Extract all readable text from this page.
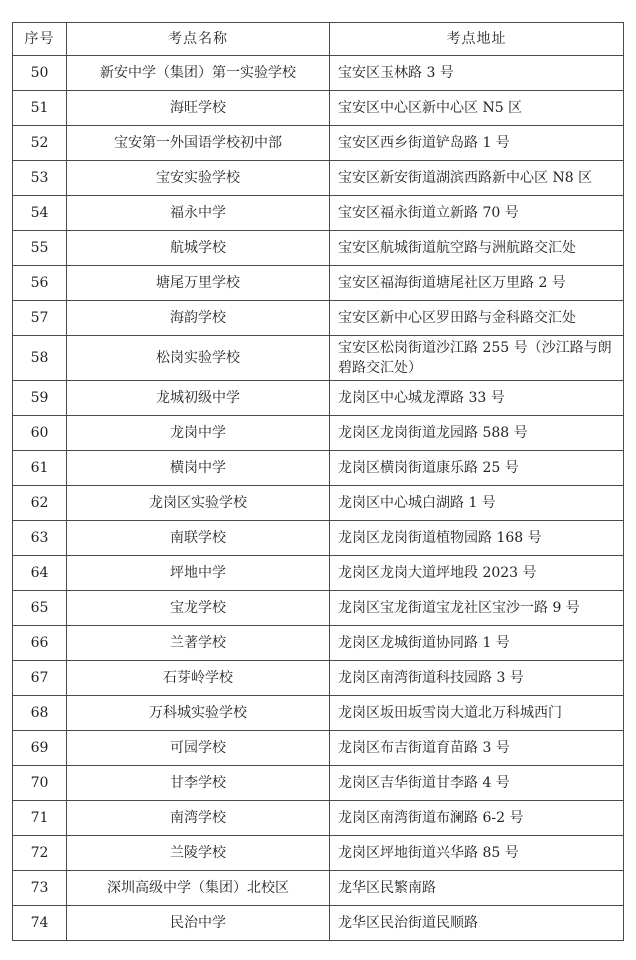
序号	考点名称	考点地址
50	新安中学（集团）第一实验学校	宝安区玉林路 3 号
51	海旺学校	宝安区中心区新中心区 N5 区
52	宝安第一外国语学校初中部	宝安区西乡街道铲岛路 1 号
53	宝安实验学校	宝安区新安街道湖滨西路新中心区 N8 区
54	福永中学	宝安区福永街道立新路 70 号
55	航城学校	宝安区航城街道航空路与洲航路交汇处
56	塘尾万里学校	宝安区福海街道塘尾社区万里路 2 号
57	海韵学校	宝安区新中心区罗田路与金科路交汇处
58	松岗实验学校	宝安区松岗街道沙江路 255 号（沙江路与朗碧路交汇处）
59	龙城初级中学	龙岗区中心城龙潭路 33 号
60	龙岗中学	龙岗区龙岗街道龙园路 588 号
61	横岗中学	龙岗区横岗街道康乐路 25 号
62	龙岗区实验学校	龙岗区中心城白湖路 1 号
63	南联学校	龙岗区龙岗街道植物园路 168 号
64	坪地中学	龙岗区龙岗大道坪地段 2023 号
65	宝龙学校	龙岗区宝龙街道宝龙社区宝沙一路 9 号
66	兰著学校	龙岗区龙城街道协同路 1 号
67	石芽岭学校	龙岗区南湾街道科技园路 3 号
68	万科城实验学校	龙岗区坂田坂雪岗大道北万科城西门
69	可园学校	龙岗区布吉街道育苗路 3 号
70	甘李学校	龙岗区吉华街道甘李路 4 号
71	南湾学校	龙岗区南湾街道布澜路 6-2 号
72	兰陵学校	龙岗区坪地街道兴华路 85 号
73	深圳高级中学（集团）北校区	龙华区民繁南路
74	民治中学	龙华区民治街道民顺路
